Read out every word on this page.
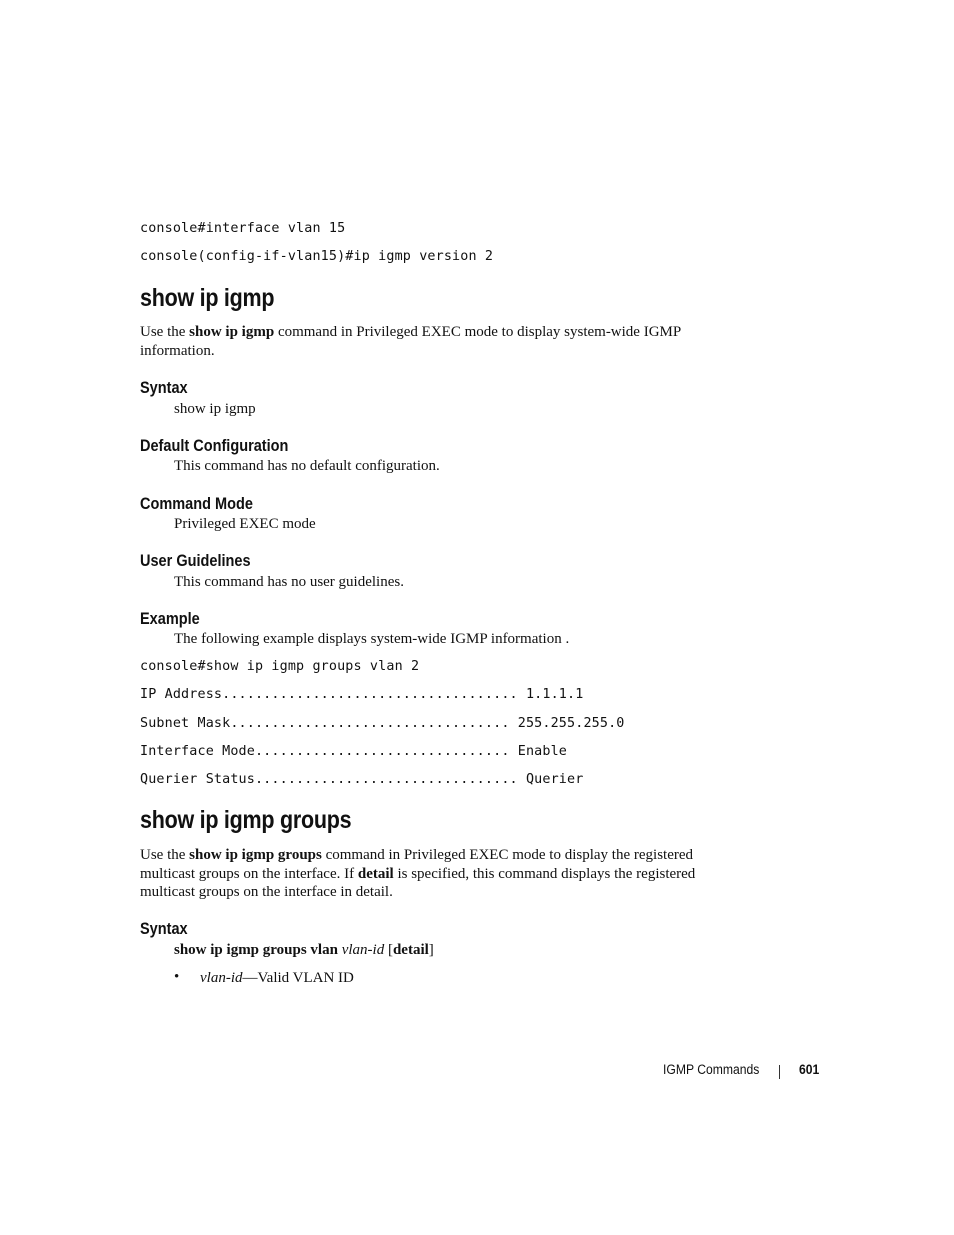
console#interface vlan 15
console(config-if-vlan15)#ip igmp version 2
show ip igmp
Use the show ip igmp command in Privileged EXEC mode to display system-wide IGMP
information.
Syntax
show ip igmp
Default Configuration
This command has no default configuration.
Command Mode
Privileged EXEC mode
User Guidelines
This command has no user guidelines.
Example
The following example displays system-wide IGMP information .
console#show ip igmp groups vlan 2
IP Address.................................... 1.1.1.1
Subnet Mask.................................. 255.255.255.0
Interface Mode............................... Enable
Querier Status................................ Querier
show ip igmp groups
Use the show ip igmp groups command in Privileged EXEC mode to display the registered
multicast groups on the interface. If detail is specified, this command displays the registered
multicast groups on the interface in detail.
Syntax
show ip igmp groups vlan vlan-id [detail]
• vlan-id—Valid VLAN ID
IGMP Commands	601
